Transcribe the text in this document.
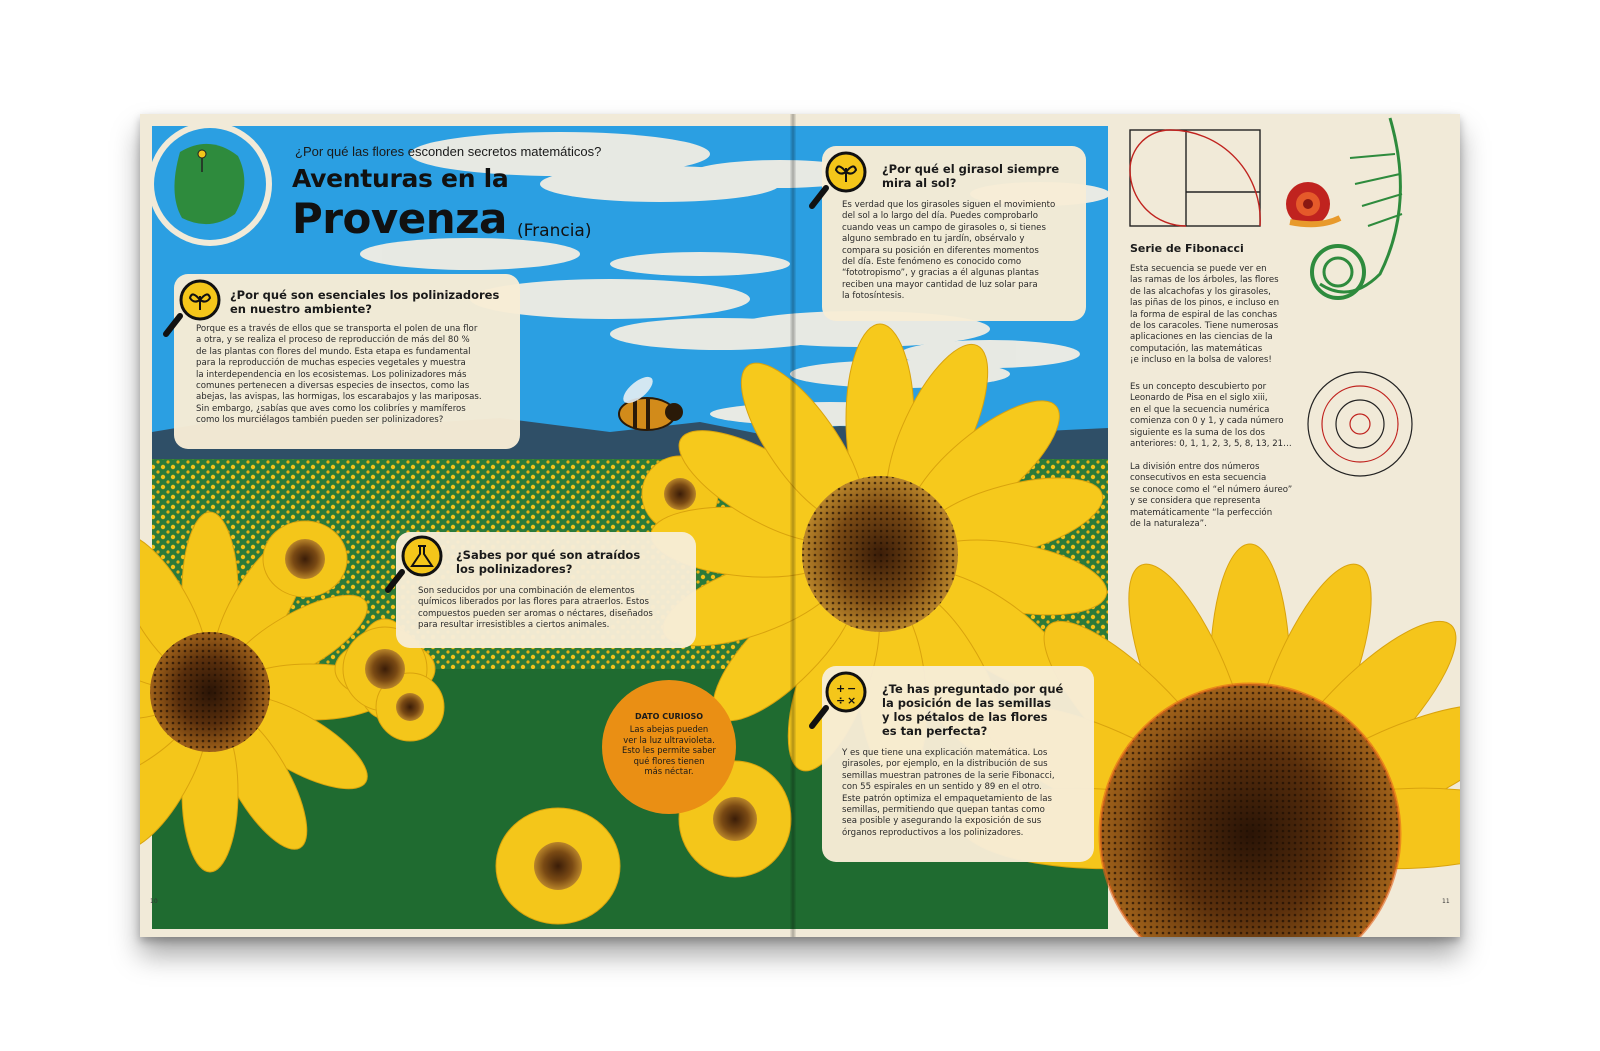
¿Por qué las flores esconden secretos matemáticos?
Aventuras en la
Provenza (Francia)
¿Por qué son esenciales los polinizadores
en nuestro ambiente?

Porque es a través de ellos que se transporta el polen de una flor
a otra, y se realiza el proceso de reproducción de más del 80 %
de las plantas con flores del mundo. Esta etapa es fundamental
para la reproducción de muchas especies vegetales y muestra
la interdependencia en los ecosistemas. Los polinizadores más
comunes pertenecen a diversas especies de insectos, como las
abejas, las avispas, las hormigas, los escarabajos y las mariposas.
Sin embargo, ¿sabías que aves como los colibríes y mamíferos
como los murciélagos también pueden ser polinizadores?

¿Sabes por qué son atraídos
los polinizadores?

Son seducidos por una combinación de elementos
químicos liberados por las flores para atraerlos. Estos
compuestos pueden ser aromas o néctares, diseñados
para resultar irresistibles a ciertos animales.

DATO CURIOSO
Las abejas pueden
ver la luz ultravioleta.
Esto les permite saber
qué flores tienen
más néctar.
¿Por qué el girasol siempre
mira al sol?

Es verdad que los girasoles siguen el movimiento
del sol a lo largo del día. Puedes comprobarlo
cuando veas un campo de girasoles o, si tienes
alguno sembrado en tu jardín, obsérvalo y
compara su posición en diferentes momentos
del día. Este fenómeno es conocido como
“fototropismo”, y gracias a él algunas plantas
reciben una mayor cantidad de luz solar para
la fotosíntesis.

¿Te has preguntado por qué
la posición de las semillas
y los pétalos de las flores
es tan perfecta?

Y es que tiene una explicación matemática. Los
girasoles, por ejemplo, en la distribución de sus
semillas muestran patrones de la serie Fibonacci,
con 55 espirales en un sentido y 89 en el otro.
Este patrón optimiza el empaquetamiento de las
semillas, permitiendo que quepan tantas como
sea posible y asegurando la exposición de sus
órganos reproductivos a los polinizadores.

+ −
÷ ×
Serie de Fibonacci
Esta secuencia se puede ver en
las ramas de los árboles, las flores
de las alcachofas y los girasoles,
las piñas de los pinos, e incluso en
la forma de espiral de las conchas
de los caracoles. Tiene numerosas
aplicaciones en las ciencias de la
computación, las matemáticas
¡e incluso en la bolsa de valores!
Es un concepto descubierto por
Leonardo de Pisa en el siglo xiii,
en el que la secuencia numérica
comienza con 0 y 1, y cada número
siguiente es la suma de los dos
anteriores: 0, 1, 1, 2, 3, 5, 8, 13, 21…
La división entre dos números
consecutivos en esta secuencia
se conoce como el “el número áureo”
y se considera que representa
matemáticamente “la perfección
de la naturaleza”.
10	11
